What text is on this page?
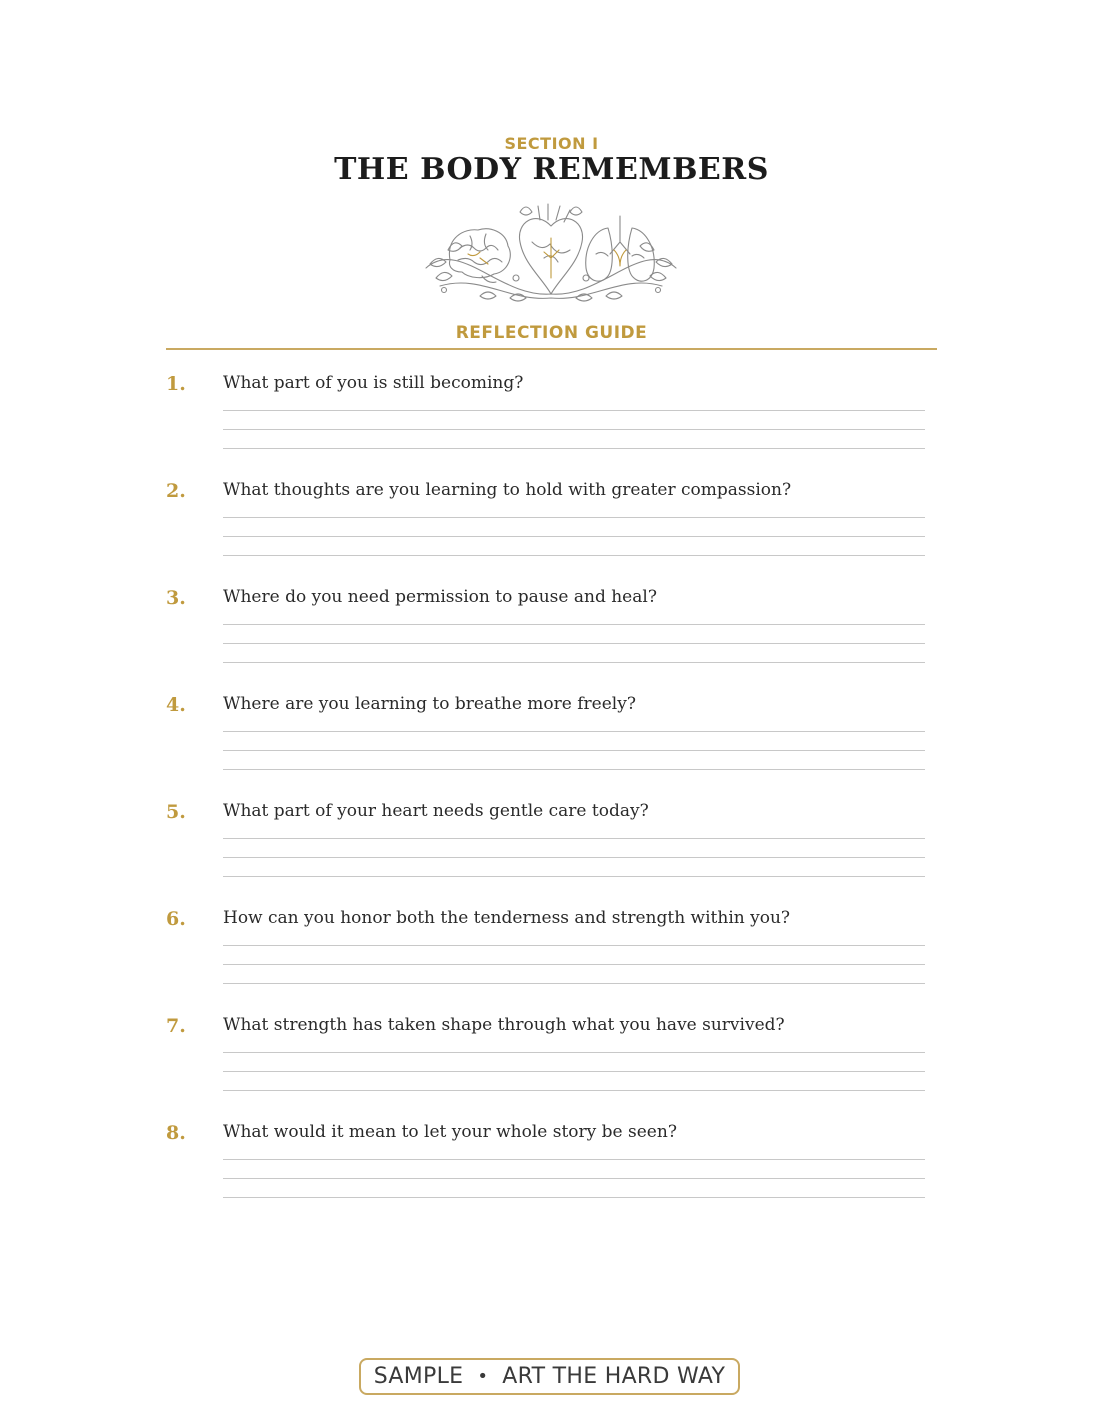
SECTION I
THE BODY REMEMBERS
REFLECTION GUIDE
1. What part of you is still becoming?
2. What thoughts are you learning to hold with greater compassion?
3. Where do you need permission to pause and heal?
4. Where are you learning to breathe more freely?
5. What part of your heart needs gentle care today?
6. How can you honor both the tenderness and strength within you?
7. What strength has taken shape through what you have survived?
8. What would it mean to let your whole story be seen?
SAMPLE • ART THE HARD WAY
